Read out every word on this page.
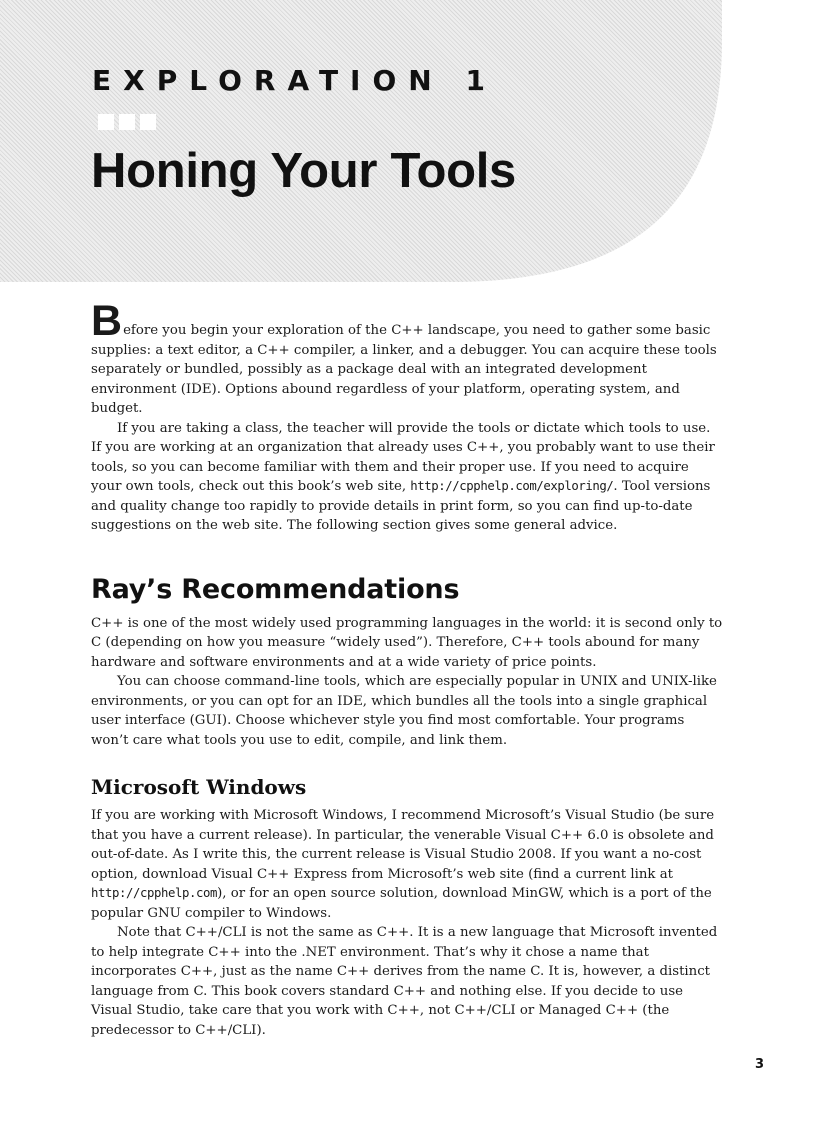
EXPLORATION 1
Honing Your Tools

Before you begin your exploration of the C++ landscape, you need to gather some basic supplies: a text editor, a C++ compiler, a linker, and a debugger. You can acquire these tools separately or bundled, possibly as a package deal with an integrated development environment (IDE). Options abound regardless of your platform, operating system, and budget.

If you are taking a class, the teacher will provide the tools or dictate which tools to use. If you are working at an organization that already uses C++, you probably want to use their tools, so you can become familiar with them and their proper use. If you need to acquire your own tools, check out this book’s web site, http://cpphelp.com/exploring/. Tool versions and quality change too rapidly to provide details in print form, so you can find up-to-date suggestions on the web site. The following section gives some general advice.

Ray’s Recommendations

C++ is one of the most widely used programming languages in the world: it is second only to C (depending on how you measure “widely used”). Therefore, C++ tools abound for many hardware and software environments and at a wide variety of price points.

You can choose command-line tools, which are especially popular in UNIX and UNIX-like environments, or you can opt for an IDE, which bundles all the tools into a single graphical user interface (GUI). Choose whichever style you find most comfortable. Your programs won’t care what tools you use to edit, compile, and link them.

Microsoft Windows

If you are working with Microsoft Windows, I recommend Microsoft’s Visual Studio (be sure that you have a current release). In particular, the venerable Visual C++ 6.0 is obsolete and out-of-date. As I write this, the current release is Visual Studio 2008. If you want a no-cost option, download Visual C++ Express from Microsoft’s web site (find a current link at http://cpphelp.com), or for an open source solution, download MinGW, which is a port of the popular GNU compiler to Windows.

Note that C++/CLI is not the same as C++. It is a new language that Microsoft invented to help integrate C++ into the .NET environment. That’s why it chose a name that incorporates C++, just as the name C++ derives from the name C. It is, however, a distinct language from C. This book covers standard C++ and nothing else. If you decide to use Visual Studio, take care that you work with C++, not C++/CLI or Managed C++ (the predecessor to C++/CLI).

3
